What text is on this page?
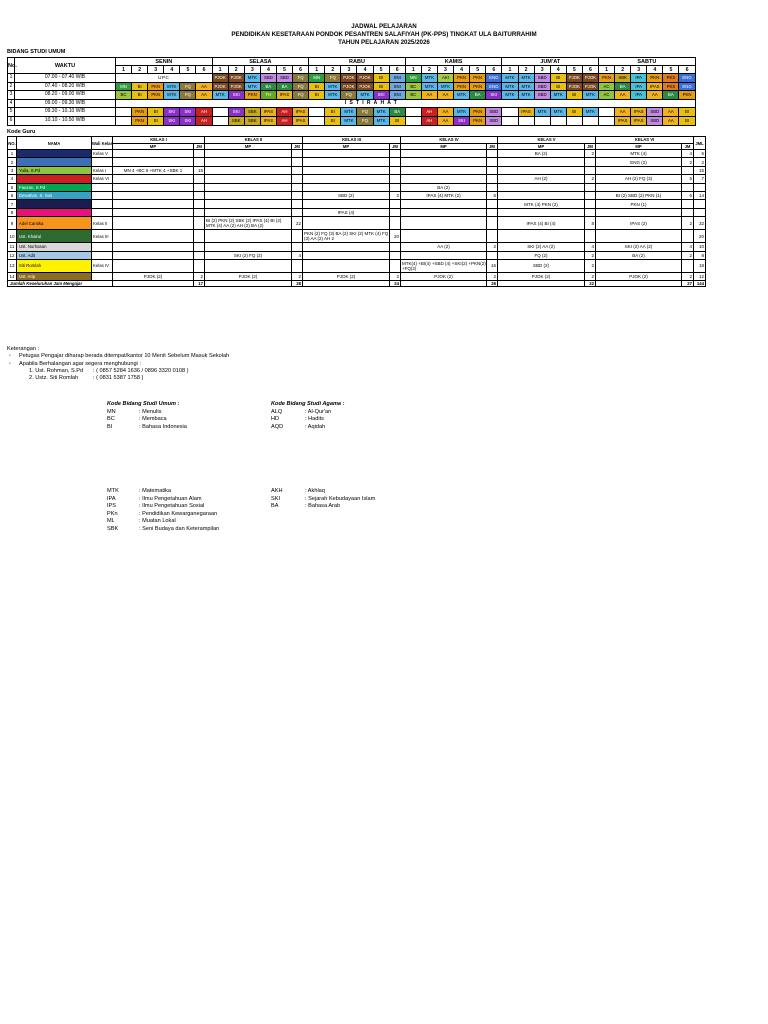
JADWAL PELAJARAN
PENDIDIKAN KESETARAAN PONDOK PESANTREN SALAFIYAH (PK-PPS) TINGKAT ULA BAITURRAHIM
TAHUN PELAJARAN 2025/2026
BIDANG STUDI UMUM
No.	WAKTU	SENIN						SELASA						RABU						KAMIS						JUM'AT						SABTU					
		1	2	3	4	5	6	1	2	3	4	5	6	1	2	3	4	5	6	1	2	3	4	5	6	1	2	3	4	5	6	1	2	3	4	5	6
1	07.00 - 07.40 WIB	UPC						PJOK	PJOK	MTK	SBD	SBD	FQ	MN	FQ	PJOK	PJOK	BI	SNI	MN	MTK	AKI	PKN	PKN	ENG	MTK	MTK	SBD	BI	PJOK	PJOK	PKN	SBK	IPA	PKN	PKS	ENG
2	07.40 - 08.20 WIB	MN	BI	PKN	MTK	FQ	AA	PJOK	PJOK	MTK	BA	BA	FQ	BI	MTK	PJOK	PJOK	BI	SNI	BC	MTK	MTK	PKN	PKN	ENG	MTK	MTK	SBD	BI	PJOK	PJOK	AC	BA	IPA	IPAS	PKS	ENG
3	08.20 - 09.00 WIB	BC	BI	PKN	MTK	FQ	AA	MTK	SKI	PKN	TH	IPAS	FQ	BI	MTK	FQ	MTK	SKI	SNI	BC	AA	AA	MTK	BA	SKI	MTK	MTK	SBD	MTK	BI	MTK	AC	AA	IPA	AA	BA	PKN
4	09.00 - 09.30 WIB															ISTIRAHAT																					
5	09.30 - 10.10 WIB		PKN	BI	SKI	SKI	AH		SKI	SBK	IPAS	AH	IPAS		BI	MTK	FQ	MTK	BA		AH	AA	MTK	PKN	SBD		IPAS	MTK	MTK	BI	MTK		AA	IPAS	SBD	AA	BI
6	10.10 - 10.50 WIB		PKN	BI	SKI	SKI	AH		SBK	SBK	IPAS	AH	IPAS		BI	MTK	FQ	MTK	BI		AH	AA	SKI	PKN	SBD								IPAS	IPAS	SBD	AA	BI
Kode Guru
NO.	NAMA	Wali Kelas	KELAS I		KELAS II		KELAS III		KELAS IV		KELAS V		KELAS VI		JML
			MP	JM	MP	JM	MP	JM	MP	JM	MP	JM	MP	JM	
1		Kelas V									BA (2)	2	MTK (4)	4	6
2													ENG (2)	2	2
3	Yulia, S.Pd	Kelas I	MN 4 +BC 6 +MTK 4 +SBK 1	15											15
4		Kelas VI									AH (2)	2	AH (2) FQ (3)	5	7
5	Fauzan, S.Pd								BA (2)						
6	Dewahan, S. Sos						SBD (2)	2	IPAS (4) MTK (2)	6			BI (2) SBD (2) PKN (1)	6	14
7											MTK (4) PKN (2)		PKN (1)		
8							IPAS (4)								
9	Adel Cantika	Kelas II			BI (2) PKN (2) SBK (2) IPAS (4) BI (2) MTK (4) AA (2) AH (2) BA (2)	22					IPAS (4) BI (4)	8	IPAS (2)	2	32
10	Ust. Khairul	Kelas III					PKN (2) FQ (3) BA (2) SKI (2) MTK (4) FQ (3) AA (2) AH 2	20							20
11	Ust. Nurhasan								AA (2)	2	SKI (2) AA (2)	4	SKI (2) AA (2)	4	10
12	Ust. Adit				SKI (2) FQ (2)	4					FQ (2)	2	BA (2)	2	8
13	Siti Romlah	Kelas IV							MTK(4) +BI(4) +SBD (4) +SKI(2) +PKN(2) +FQ(2)	16	SBD (2)	2			18
14	Ust. Arip		PJOK (2)	2	PJOK (2)	2	PJOK (2)	2	PJOK (2)	2	PJOK (2)	2	PJOK (2)	2	12
Jumlah Keseluruhan Jam Mengajar				17		28		24		26		22		27	144
Keterangan :
• Petugas Pengajar diharap berada ditempat/kantor 10 Menit Sebelum Masuk Sekolah
• Apabila Berhalangan agar segera menghubungi :
1. Ust. Rohman, S.Pd	: ( 0857 5284 1636 / 0896 3320 0108 )
2. Ustz. Siti Romlah	: ( 0831 5387 1758 )
Kode Bidang Studi Umum :
MN	: Menulis
BC	: Membaca
BI	: Bahasa Indonesia
Kode Bidang Studi Agama :
ALQ	: Al-Qur'an
HD	: Hadits
AQD	: Aqidah
MTK	: Matematika
IPA	: Ilmu Pengetahuan Alam
IPS	: Ilmu Pengetahuan Sosial
PKn	: Pendidikan Kewarganegaraan
ML	: Muatan Lokal
SBK	: Seni Budaya dan Keterampilan
AKH	: Akhlaq
SKI	: Sejarah Kebudayaan Islam
BA	: Bahasa Arab
